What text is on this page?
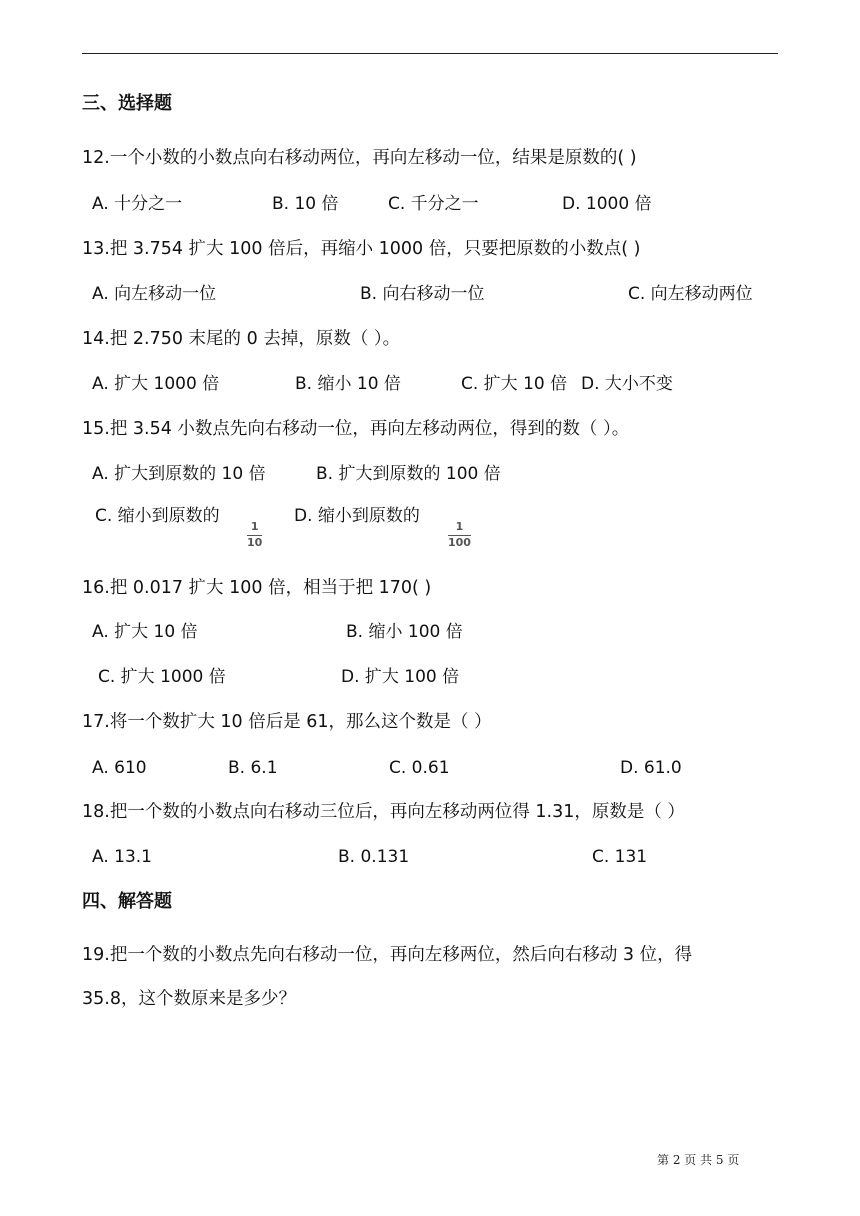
三、选择题
12.一个小数的小数点向右移动两位，再向左移动一位，结果是原数的( )
A. 十分之一	B. 10 倍	C. 千分之一	D. 1000 倍
13.把 3.754 扩大 100 倍后，再缩小 1000 倍，只要把原数的小数点( )
A. 向左移动一位	B. 向右移动一位	C. 向左移动两位
14.把 2.750 末尾的 0 去掉，原数（ ）。
A. 扩大 1000 倍	B. 缩小 10 倍	C. 扩大 10 倍 D. 大小不变
15.把 3.54 小数点先向右移动一位，再向左移动两位，得到的数（ ）。
A. 扩大到原数的 10 倍	B. 扩大到原数的 100 倍
C. 缩小到原数的
1
10
D. 缩小到原数的
1
100
16.把 0.017 扩大 100 倍，相当于把 170( )
A. 扩大 10 倍	B. 缩小 100 倍
C. 扩大 1000 倍	D. 扩大 100 倍
17.将一个数扩大 10 倍后是 61，那么这个数是（ ）
A. 610	B. 6.1	C. 0.61	D. 61.0
18.把一个数的小数点向右移动三位后，再向左移动两位得 1.31，原数是（ ）
A. 13.1	B. 0.131	C. 131
四、解答题
19.把一个数的小数点先向右移动一位，再向左移两位，然后向右移动 3 位，得
35.8，这个数原来是多少？
第 2 页 共 5 页
